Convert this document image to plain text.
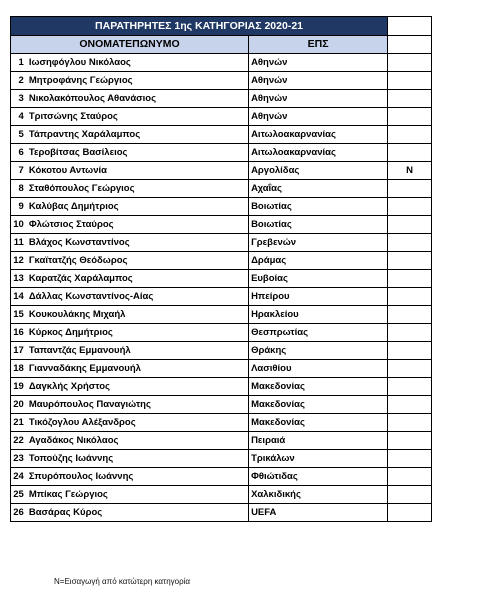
ΠΑΡΑΤΗΡΗΤΕΣ 1ης ΚΑΤΗΓΟΡΙΑΣ 2020-21			
ΟΝΟΜΑΤΕΠΩΝΥΜΟ		ΕΠΣ	
1	Ιωσηφόγλου Νικόλαος	Αθηνών	
2	Μητροφάνης Γεώργιος	Αθηνών	
3	Νικολακόπουλος Αθανάσιος	Αθηνών	
4	Τριτσώνης Σταύρος	Αθηνών	
5	Τάπραντης Χαράλαμπος	Αιτωλοακαρνανίας	
6	Τεροβίτσας Βασίλειος	Αιτωλοακαρνανίας	
7	Κόκοτου Αντωνία	Αργολίδας	Ν
8	Σταθόπουλος Γεώργιος	Αχαΐας	
9	Καλύβας Δημήτριος	Βοιωτίας	
10	Φλώτσιος Σταύρος	Βοιωτίας	
11	Βλάχος Κωνσταντίνος	Γρεβενών	
12	Γκαϊτατζής Θεόδωρος	Δράμας	
13	Καρατζάς Χαράλαμπος	Ευβοίας	
14	Δάλλας Κωνσταντίνος-Αίας	Ηπείρου	
15	Κουκουλάκης Μιχαήλ	Ηρακλείου	
16	Κύρκος Δημήτριος	Θεσπρωτίας	
17	Ταπαντζάς Εμμανουήλ	Θράκης	
18	Γιανναδάκης Εμμανουήλ	Λασιθίου	
19	Δαγκλής Χρήστος	Μακεδονίας	
20	Μαυρόπουλος Παναγιώτης	Μακεδονίας	
21	Τικόζογλου Αλέξανδρος	Μακεδονίας	
22	Αγαδάκος Νικόλαος	Πειραιά	
23	Τοπούζης Ιωάννης	Τρικάλων	
24	Σπυρόπουλος Ιωάννης	Φθιώτιδας	
25	Μπίκας Γεώργιος	Χαλκιδικής	
26	Βασάρας Κύρος	UEFA	
Ν=Εισαγωγή από κατώτερη κατηγορία
